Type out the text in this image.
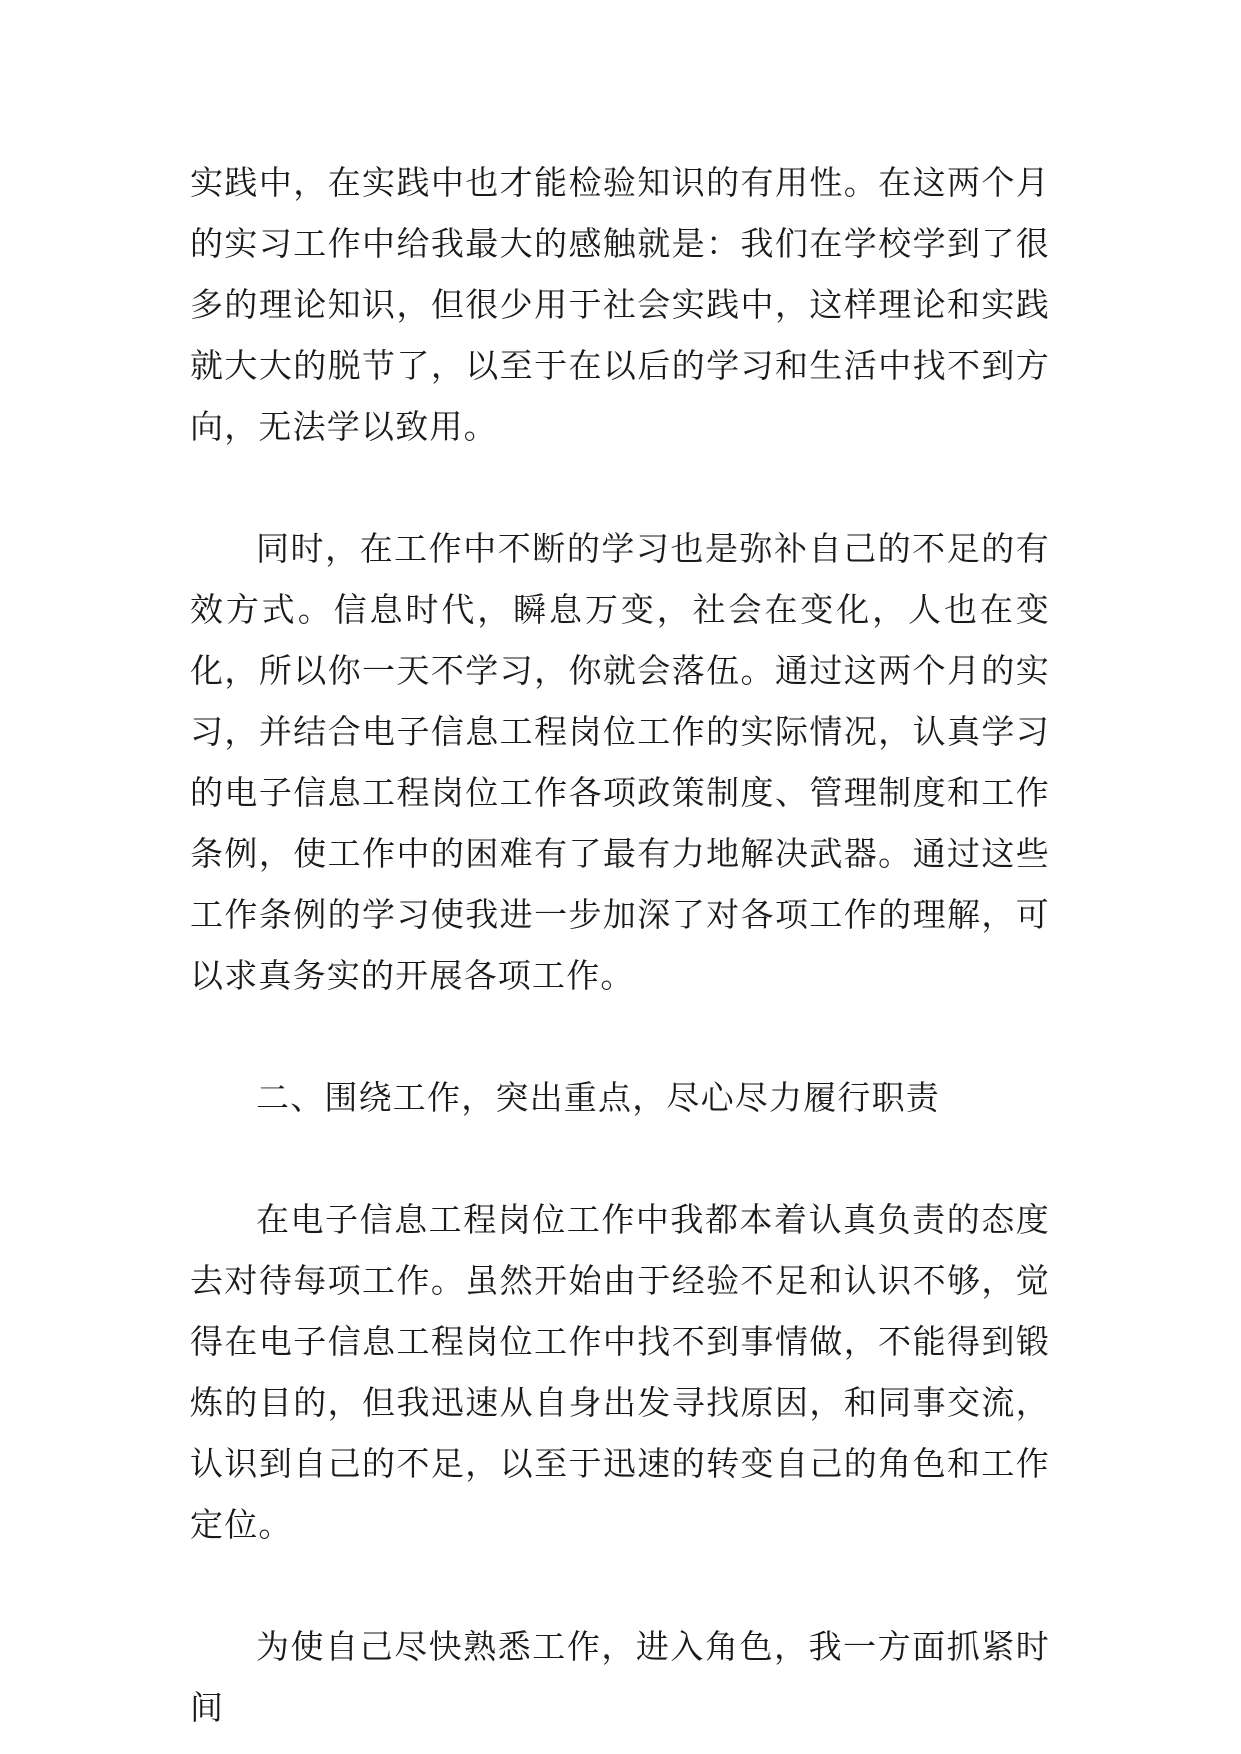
实践中，在实践中也才能检验知识的有用性。在这两个月的实习工作中给我最大的感触就是：我们在学校学到了很多的理论知识，但很少用于社会实践中，这样理论和实践就大大的脱节了，以至于在以后的学习和生活中找不到方向，无法学以致用。

同时，在工作中不断的学习也是弥补自己的不足的有效方式。信息时代，瞬息万变，社会在变化，人也在变化，所以你一天不学习，你就会落伍。通过这两个月的实习，并结合电子信息工程岗位工作的实际情况，认真学习的电子信息工程岗位工作各项政策制度、管理制度和工作条例，使工作中的困难有了最有力地解决武器。通过这些工作条例的学习使我进一步加深了对各项工作的理解，可以求真务实的开展各项工作。

二、围绕工作，突出重点，尽心尽力履行职责

在电子信息工程岗位工作中我都本着认真负责的态度去对待每项工作。虽然开始由于经验不足和认识不够，觉得在电子信息工程岗位工作中找不到事情做，不能得到锻炼的目的，但我迅速从自身出发寻找原因，和同事交流，认识到自己的不足，以至于迅速的转变自己的角色和工作定位。

为使自己尽快熟悉工作，进入角色，我一方面抓紧时间
